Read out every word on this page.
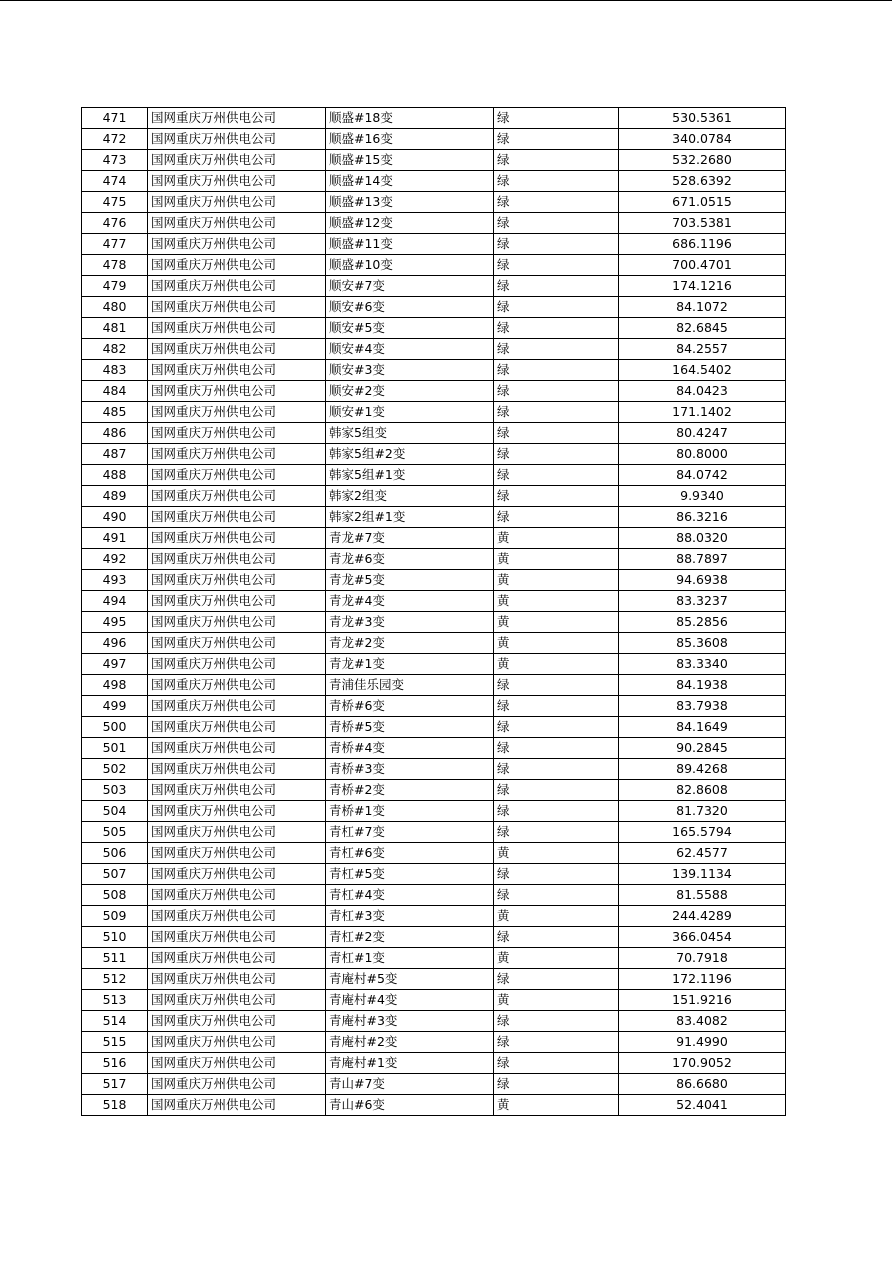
471	国网重庆万州供电公司	顺盛#18变	绿	530.5361
472	国网重庆万州供电公司	顺盛#16变	绿	340.0784
473	国网重庆万州供电公司	顺盛#15变	绿	532.2680
474	国网重庆万州供电公司	顺盛#14变	绿	528.6392
475	国网重庆万州供电公司	顺盛#13变	绿	671.0515
476	国网重庆万州供电公司	顺盛#12变	绿	703.5381
477	国网重庆万州供电公司	顺盛#11变	绿	686.1196
478	国网重庆万州供电公司	顺盛#10变	绿	700.4701
479	国网重庆万州供电公司	顺安#7变	绿	174.1216
480	国网重庆万州供电公司	顺安#6变	绿	84.1072
481	国网重庆万州供电公司	顺安#5变	绿	82.6845
482	国网重庆万州供电公司	顺安#4变	绿	84.2557
483	国网重庆万州供电公司	顺安#3变	绿	164.5402
484	国网重庆万州供电公司	顺安#2变	绿	84.0423
485	国网重庆万州供电公司	顺安#1变	绿	171.1402
486	国网重庆万州供电公司	韩家5组变	绿	80.4247
487	国网重庆万州供电公司	韩家5组#2变	绿	80.8000
488	国网重庆万州供电公司	韩家5组#1变	绿	84.0742
489	国网重庆万州供电公司	韩家2组变	绿	9.9340
490	国网重庆万州供电公司	韩家2组#1变	绿	86.3216
491	国网重庆万州供电公司	青龙#7变	黄	88.0320
492	国网重庆万州供电公司	青龙#6变	黄	88.7897
493	国网重庆万州供电公司	青龙#5变	黄	94.6938
494	国网重庆万州供电公司	青龙#4变	黄	83.3237
495	国网重庆万州供电公司	青龙#3变	黄	85.2856
496	国网重庆万州供电公司	青龙#2变	黄	85.3608
497	国网重庆万州供电公司	青龙#1变	黄	83.3340
498	国网重庆万州供电公司	青浦佳乐园变	绿	84.1938
499	国网重庆万州供电公司	青桥#6变	绿	83.7938
500	国网重庆万州供电公司	青桥#5变	绿	84.1649
501	国网重庆万州供电公司	青桥#4变	绿	90.2845
502	国网重庆万州供电公司	青桥#3变	绿	89.4268
503	国网重庆万州供电公司	青桥#2变	绿	82.8608
504	国网重庆万州供电公司	青桥#1变	绿	81.7320
505	国网重庆万州供电公司	青杠#7变	绿	165.5794
506	国网重庆万州供电公司	青杠#6变	黄	62.4577
507	国网重庆万州供电公司	青杠#5变	绿	139.1134
508	国网重庆万州供电公司	青杠#4变	绿	81.5588
509	国网重庆万州供电公司	青杠#3变	黄	244.4289
510	国网重庆万州供电公司	青杠#2变	绿	366.0454
511	国网重庆万州供电公司	青杠#1变	黄	70.7918
512	国网重庆万州供电公司	青庵村#5变	绿	172.1196
513	国网重庆万州供电公司	青庵村#4变	黄	151.9216
514	国网重庆万州供电公司	青庵村#3变	绿	83.4082
515	国网重庆万州供电公司	青庵村#2变	绿	91.4990
516	国网重庆万州供电公司	青庵村#1变	绿	170.9052
517	国网重庆万州供电公司	青山#7变	绿	86.6680
518	国网重庆万州供电公司	青山#6变	黄	52.4041
